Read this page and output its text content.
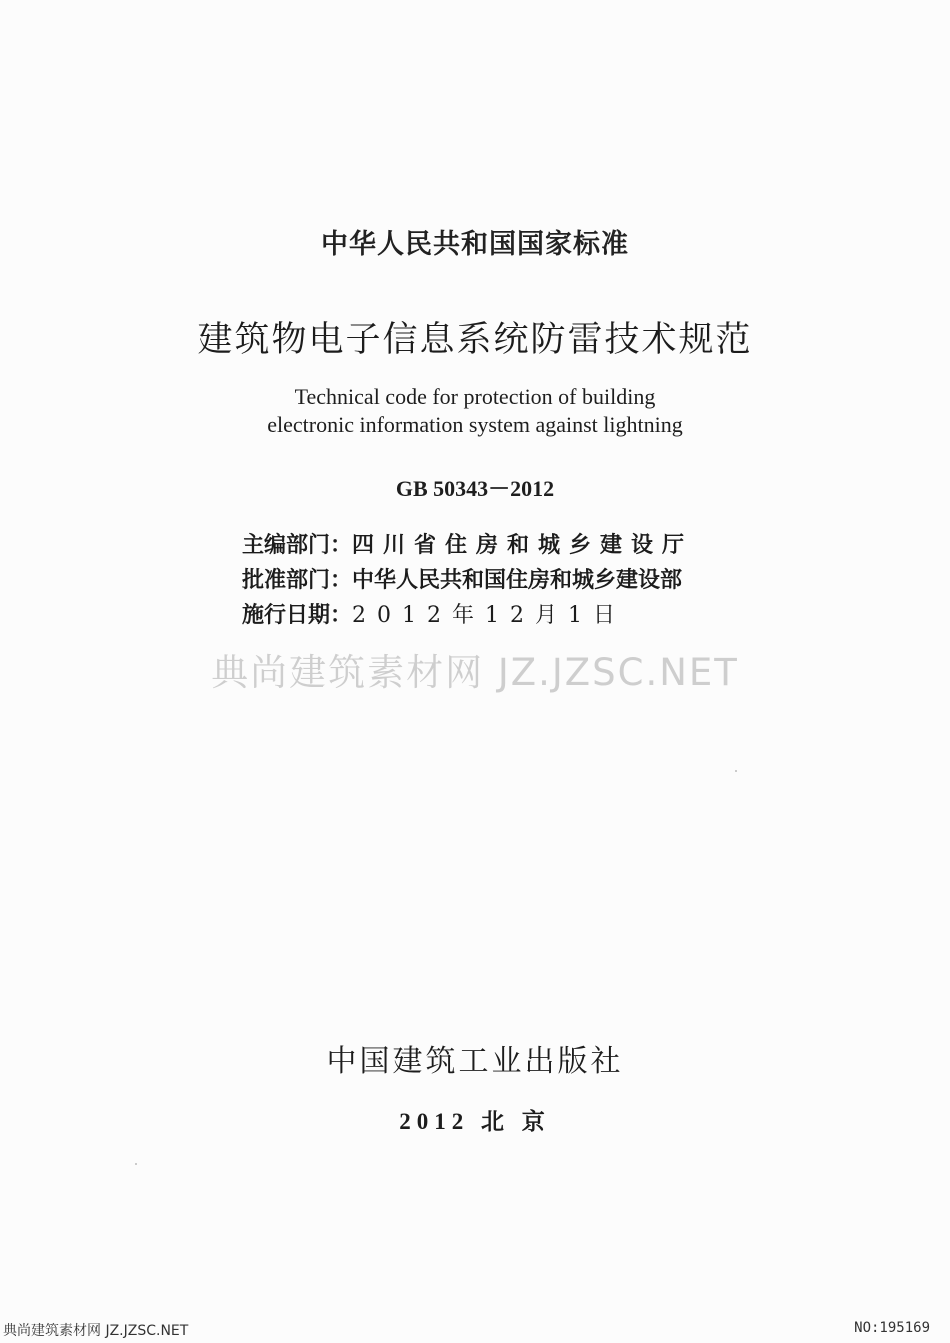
中华人民共和国国家标准
建筑物电子信息系统防雷技术规范
Technical code for protection of building
electronic information system against lightning
GB 50343－2012
主编部门：四川省住房和城乡建设厅
批准部门：中华人民共和国住房和城乡建设部
施行日期：2012年12月1日
典尚建筑素材网 JZ.JZSC.NET
中国建筑工业出版社
2012 北 京
典尚建筑素材网 JZ.JZSC.NET	NO:195169
